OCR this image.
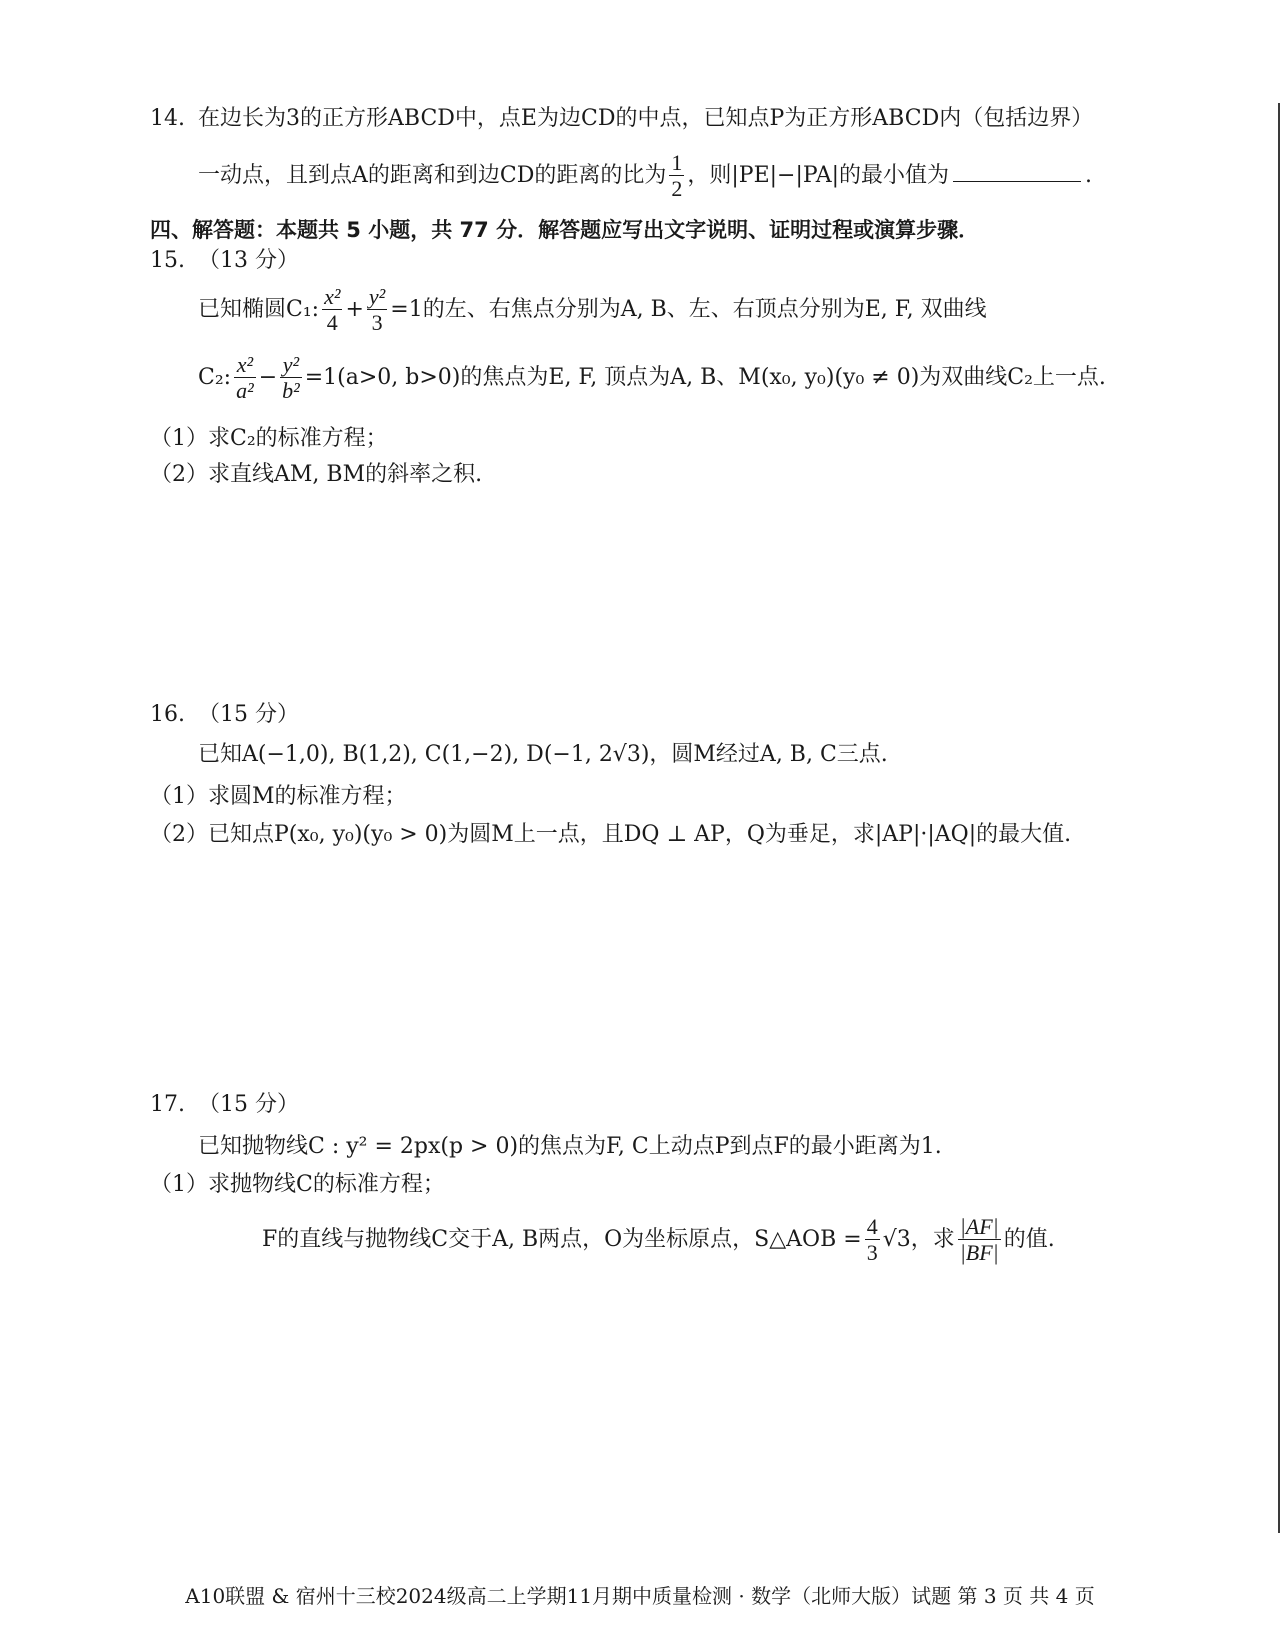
14. 在边长为3的正方形ABCD中，点E为边CD的中点，已知点P为正方形ABCD内（包括边界）
一动点，且到点A的距离和到边CD的距离的比为 $\frac{1}{2}$ ，则|PE|−|PA|的最小值为	.
四、解答题：本题共 5 小题，共 77 分．解答题应写出文字说明、证明过程或演算步骤．
15. （13 分）
已知椭圆C₁: $\frac{\text{x²}}{4} + \frac{\text{y²}}{3} =1$的左、右焦点分别为A, B、左、右顶点分别为E, F, 双曲线
C₂: $\frac{\text{x²}}{\text{a²}} - \frac{\text{y²}}{\text{b²}} =1(a>0$, b>0)的焦点为E, F, 顶点为A, B、M(x₀, y₀)(y₀ ≠ 0)为双曲线C₂上一点.
（1）求C₂的标准方程；
（2）求直线AM, BM的斜率之积.
16. （15 分）
已知A(−1,0), B(1,2), C(1,−2), D(−1, 2√3)，圆M经过A, B, C三点.
（1）求圆M的标准方程；
（2）已知点P(x₀, y₀)(y₀ > 0)为圆M上一点，且DQ ⊥ AP，Q为垂足，求|AP|·|AQ|的最大值.
17. （15 分）
已知抛物线C : y² = 2px(p > 0)的焦点为F, C上动点P到点F的最小距离为1.
（1）求抛物线C的标准方程；
F的直线与抛物线C交于A, B两点，O为坐标原点，S△AOB = $\frac{4}{3} √3$，求 $\frac{|AF|}{|BF|}$ 的值.
A10联盟 & 宿州十三校2024级高二上学期11月期中质量检测 · 数学（北师大版）试题 第 3 页 共 4 页
